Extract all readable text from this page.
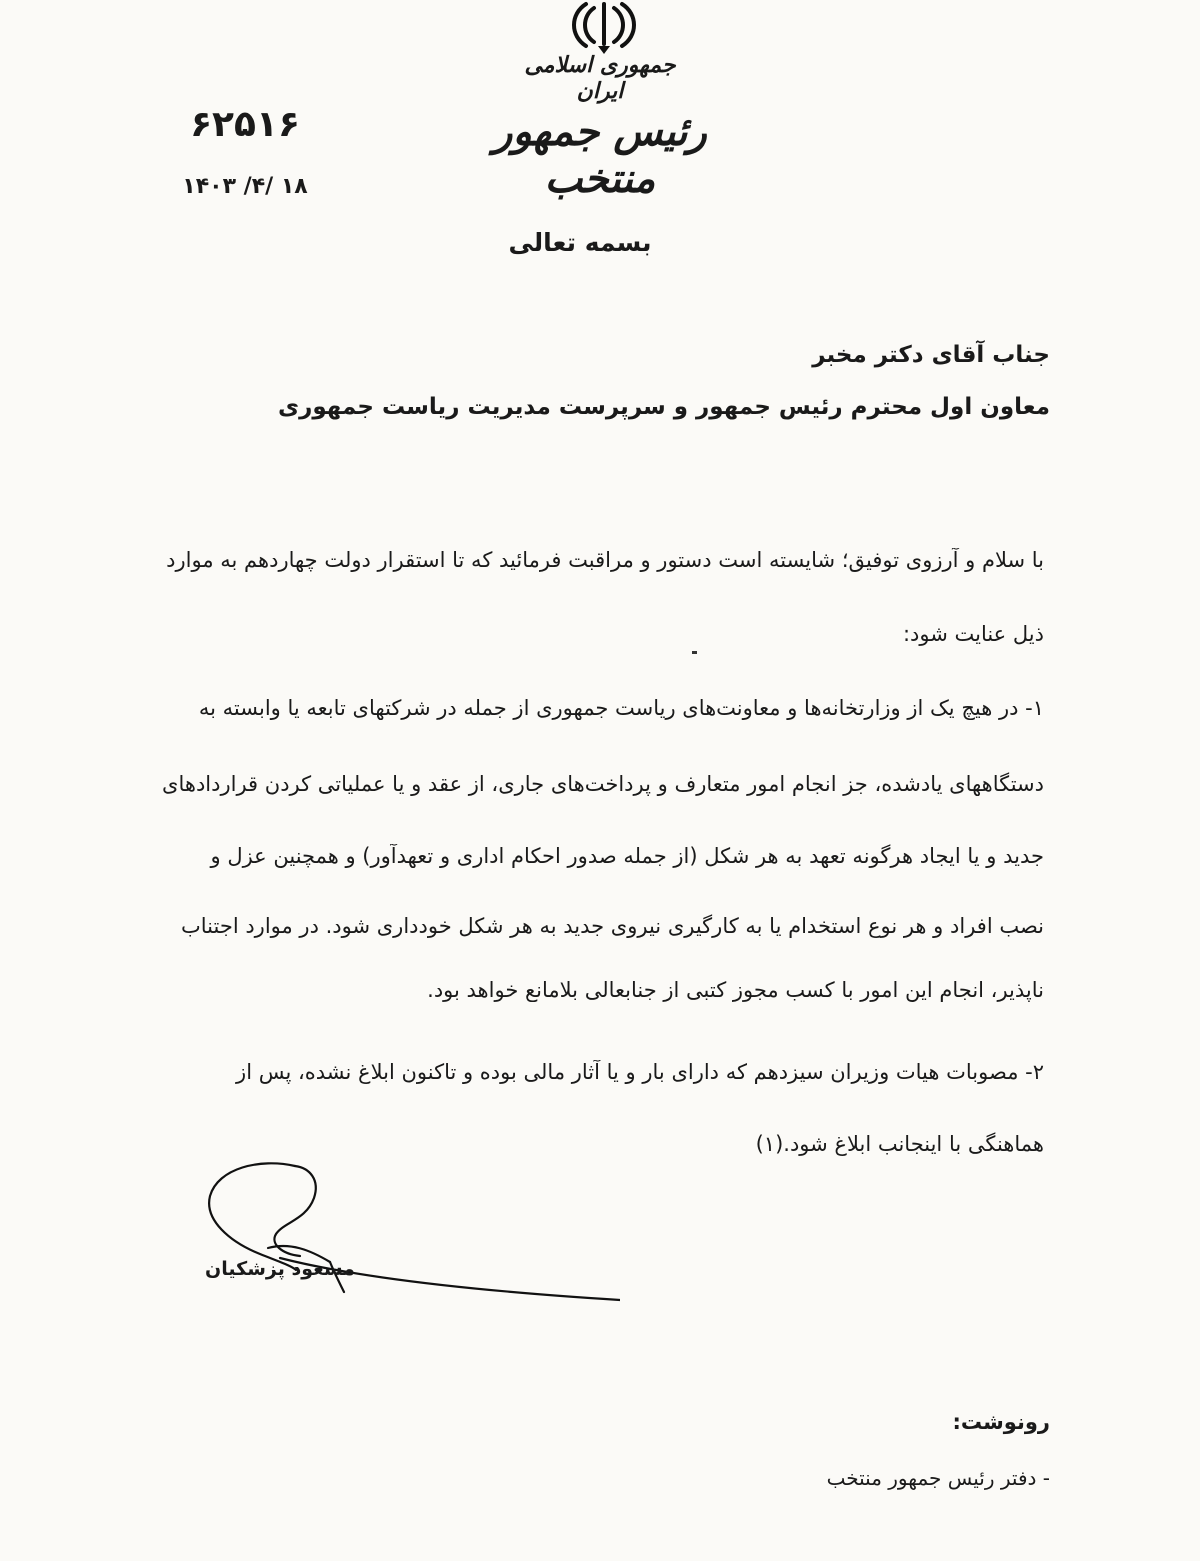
جمهوری اسلامی ایران
رئیس جمهور منتخب
۶۲۵۱۶
۱۴۰۳ /۴/ ۱۸
بسمه تعالی
جناب آقای دکتر مخبر
معاون اول محترم رئیس جمهور و سرپرست مدیریت ریاست جمهوری
با سلام و آرزوی توفیق؛ شایسته است دستور و مراقبت فرمائید که تا استقرار دولت چهاردهم به موارد
ذیل عنایت شود:
۱- در هیچ یک از وزارتخانه‌ها و معاونت‌های ریاست جمهوری از جمله در شرکتهای تابعه یا وابسته به
دستگاههای یادشده، جز انجام امور متعارف و پرداخت‌های جاری، از عقد و یا عملیاتی کردن قراردادهای
جدید و یا ایجاد هرگونه تعهد به هر شکل (از جمله صدور احکام اداری و تعهدآور) و همچنین عزل و
نصب افراد و هر نوع استخدام یا به کارگیری نیروی جدید به هر شکل خودداری شود. در موارد اجتناب
ناپذیر، انجام این امور با کسب مجوز کتبی از جنابعالی بلامانع خواهد بود.
۲- مصوبات هیات وزیران سیزدهم که دارای بار و یا آثار مالی بوده و تاکنون ابلاغ نشده، پس از
هماهنگی با اینجانب ابلاغ شود.(۱)
مسعود پزشکیان
رونوشت:
- دفتر رئیس جمهور منتخب
